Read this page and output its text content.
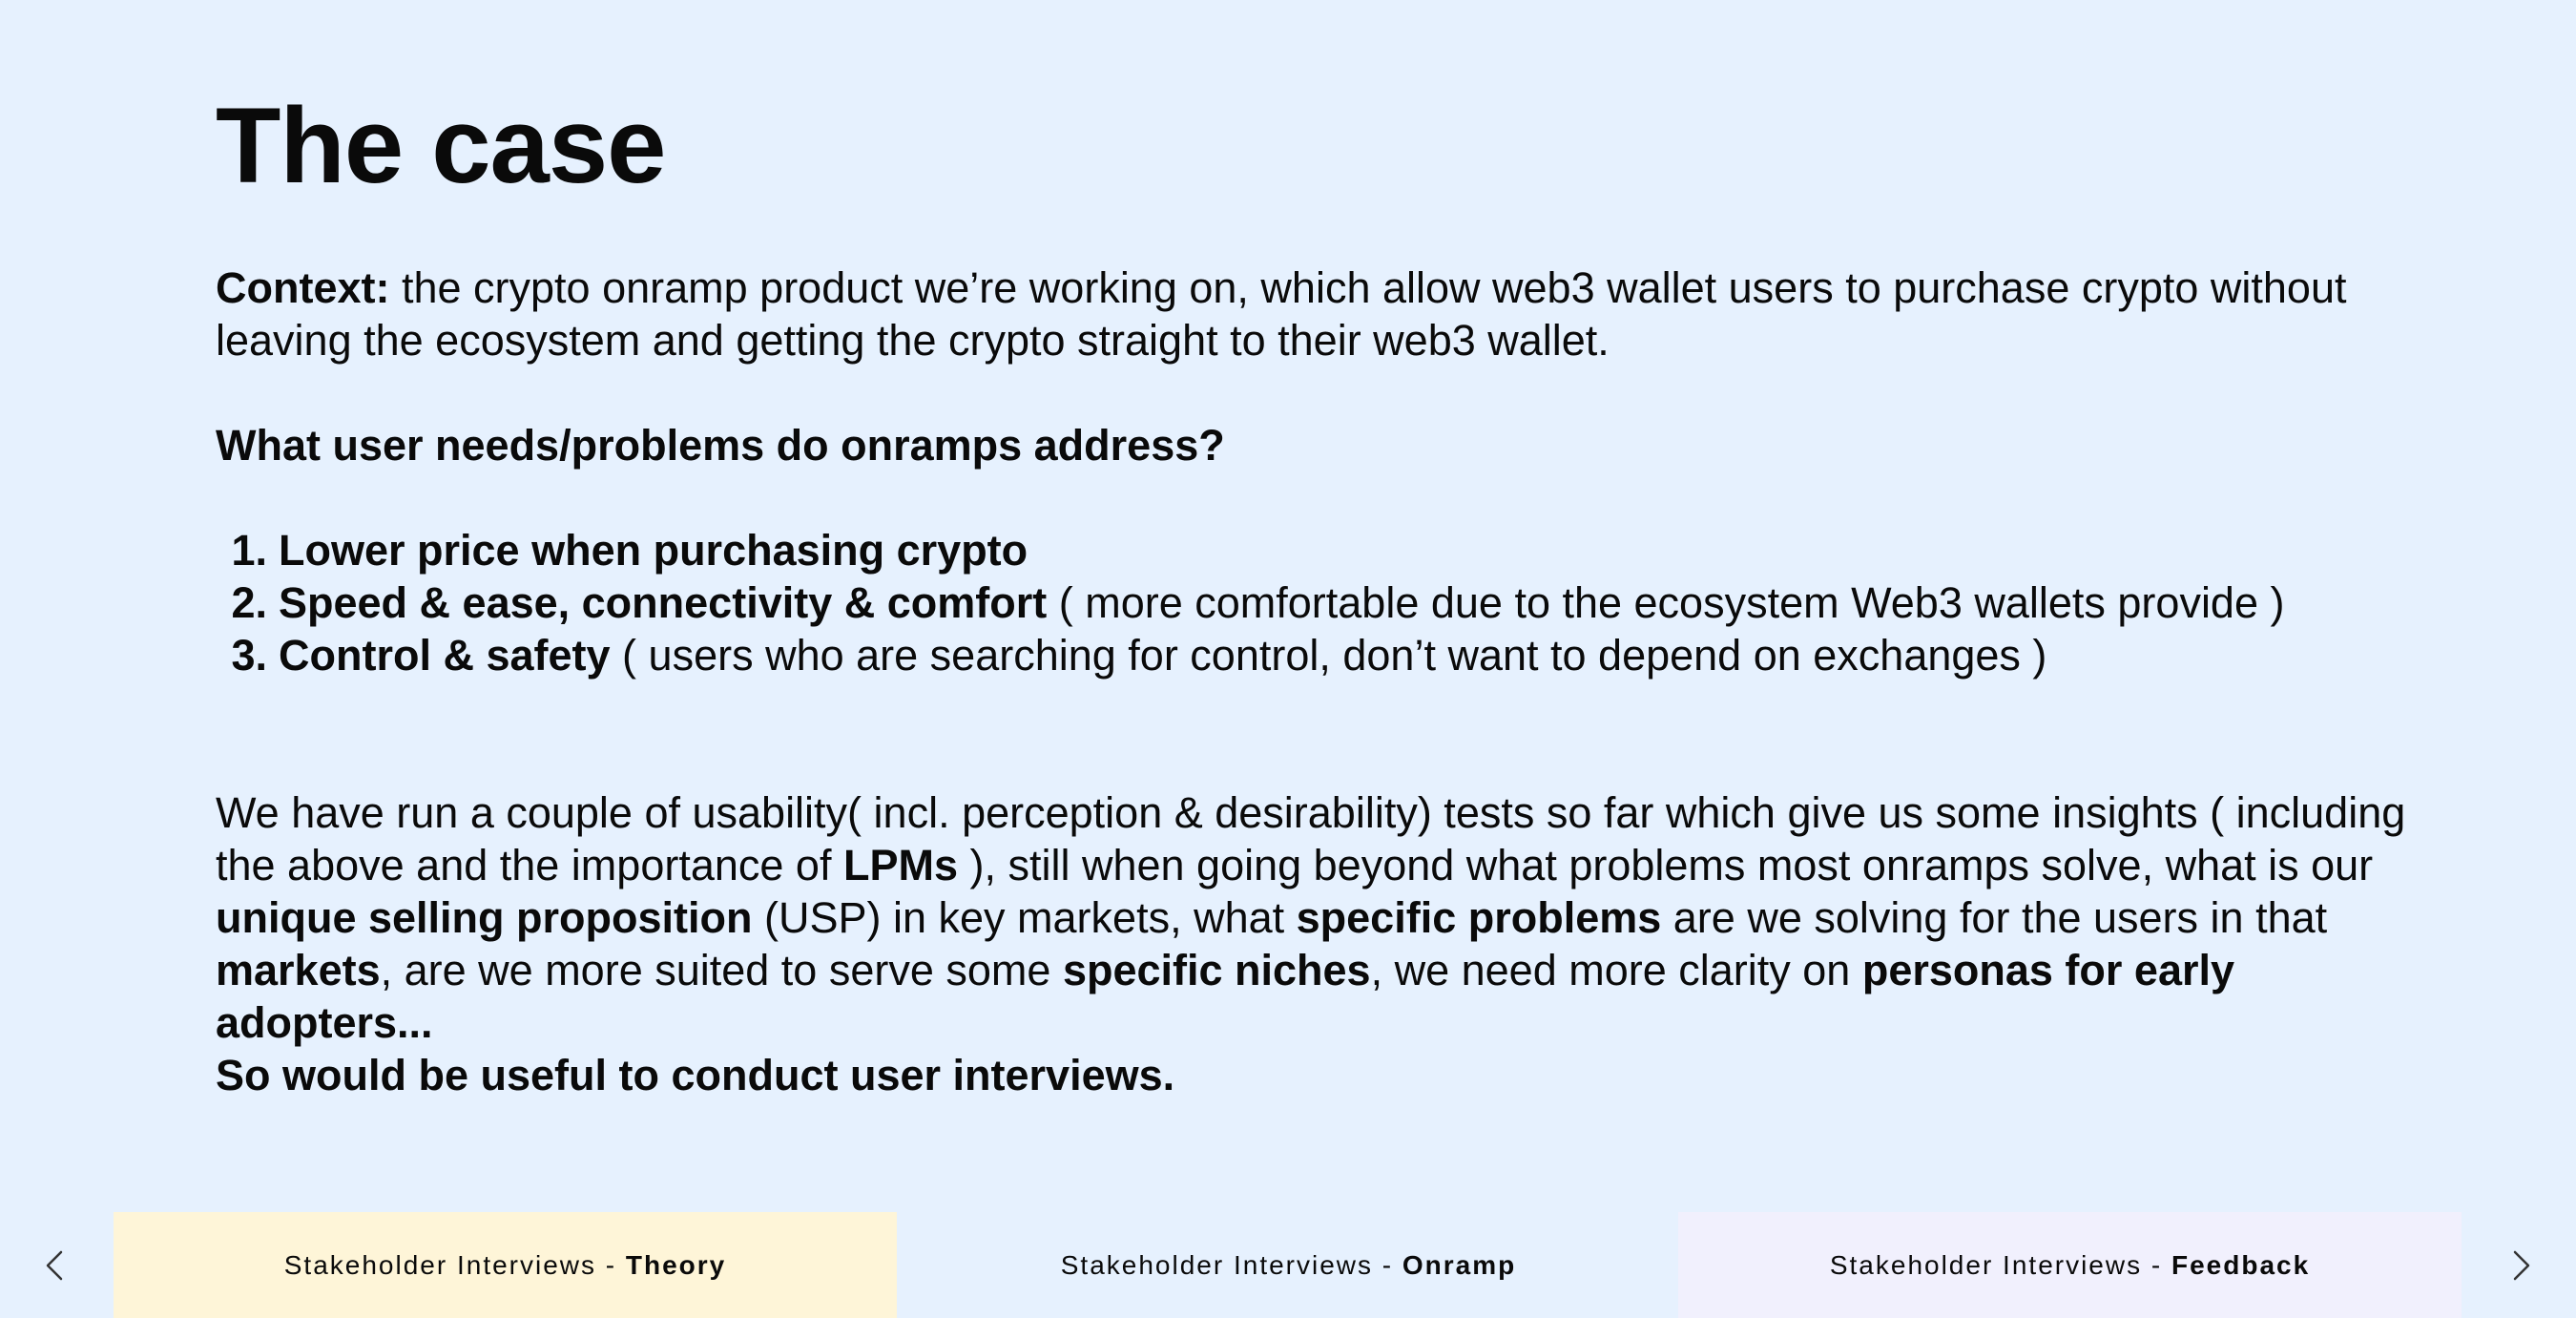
The case

Context: the crypto onramp product we’re working on, which allow web3 wallet users to purchase crypto without leaving the ecosystem and getting the crypto straight to their web3 wallet.

What user needs/problems do onramps address?

1. Lower price when purchasing crypto
2. Speed & ease, connectivity & comfort ( more comfortable due to the ecosystem Web3 wallets provide )
3. Control & safety ( users who are searching for control, don’t want to depend on exchanges )

We have run a couple of usability( incl. perception & desirability) tests so far which give us some insights ( including the above and the importance of LPMs ), still when going beyond what problems most onramps solve, what is our unique selling proposition (USP) in key markets, what specific problems are we solving for the users in that markets, are we more suited to serve some specific niches, we need more clarity on personas for early adopters...

So would be useful to conduct user interviews.

Stakeholder Interviews -
Theory	Stakeholder Interviews -
Onramp	Stakeholder Interviews -
Feedback
